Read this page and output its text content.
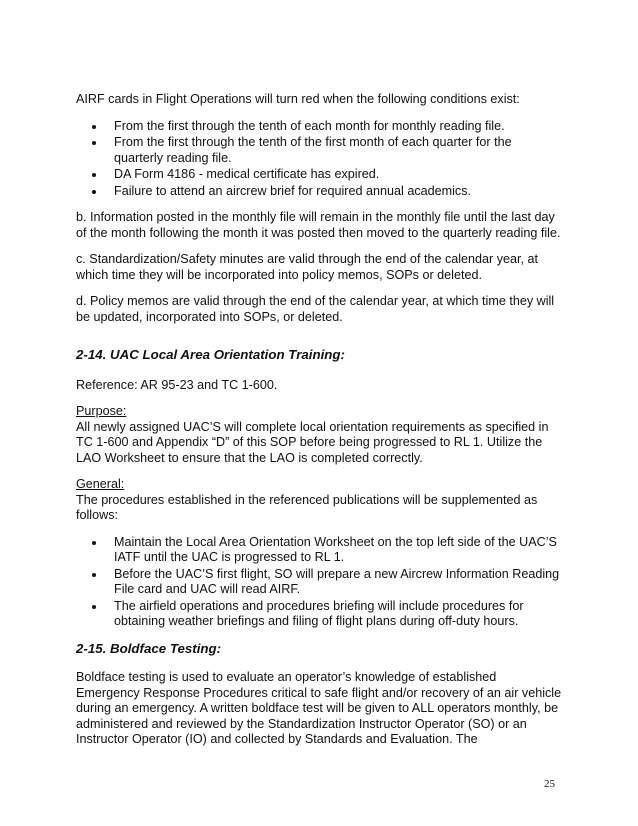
AIRF cards in Flight Operations will turn red when the following conditions exist:

From the first through the tenth of each month for monthly reading file.
From the first through the tenth of the first month of each quarter for the quarterly reading file.
DA Form 4186 - medical certificate has expired.
Failure to attend an aircrew brief for required annual academics.

b. Information posted in the monthly file will remain in the monthly file until the last day of the month following the month it was posted then moved to the quarterly reading file.

c. Standardization/Safety minutes are valid through the end of the calendar year, at which time they will be incorporated into policy memos, SOPs or deleted.

d. Policy memos are valid through the end of the calendar year, at which time they will be updated, incorporated into SOPs, or deleted.

2-14. UAC Local Area Orientation Training:

Reference: AR 95-23 and TC 1-600.

Purpose:
All newly assigned UAC’S will complete local orientation requirements as specified in TC 1-600 and Appendix “D” of this SOP before being progressed to RL 1. Utilize the LAO Worksheet to ensure that the LAO is completed correctly.

General:
The procedures established in the referenced publications will be supplemented as follows:

Maintain the Local Area Orientation Worksheet on the top left side of the UAC’S IATF until the UAC is progressed to RL 1.
Before the UAC’S first flight, SO will prepare a new Aircrew Information Reading File card and UAC will read AIRF.
The airfield operations and procedures briefing will include procedures for obtaining weather briefings and filing of flight plans during off-duty hours.
2-15. Boldface Testing:

Boldface testing is used to evaluate an operator’s knowledge of established Emergency Response Procedures critical to safe flight and/or recovery of an air vehicle during an emergency. A written boldface test will be given to ALL operators monthly, be administered and reviewed by the Standardization Instructor Operator (SO) or an Instructor Operator (IO) and collected by Standards and Evaluation. The

25
